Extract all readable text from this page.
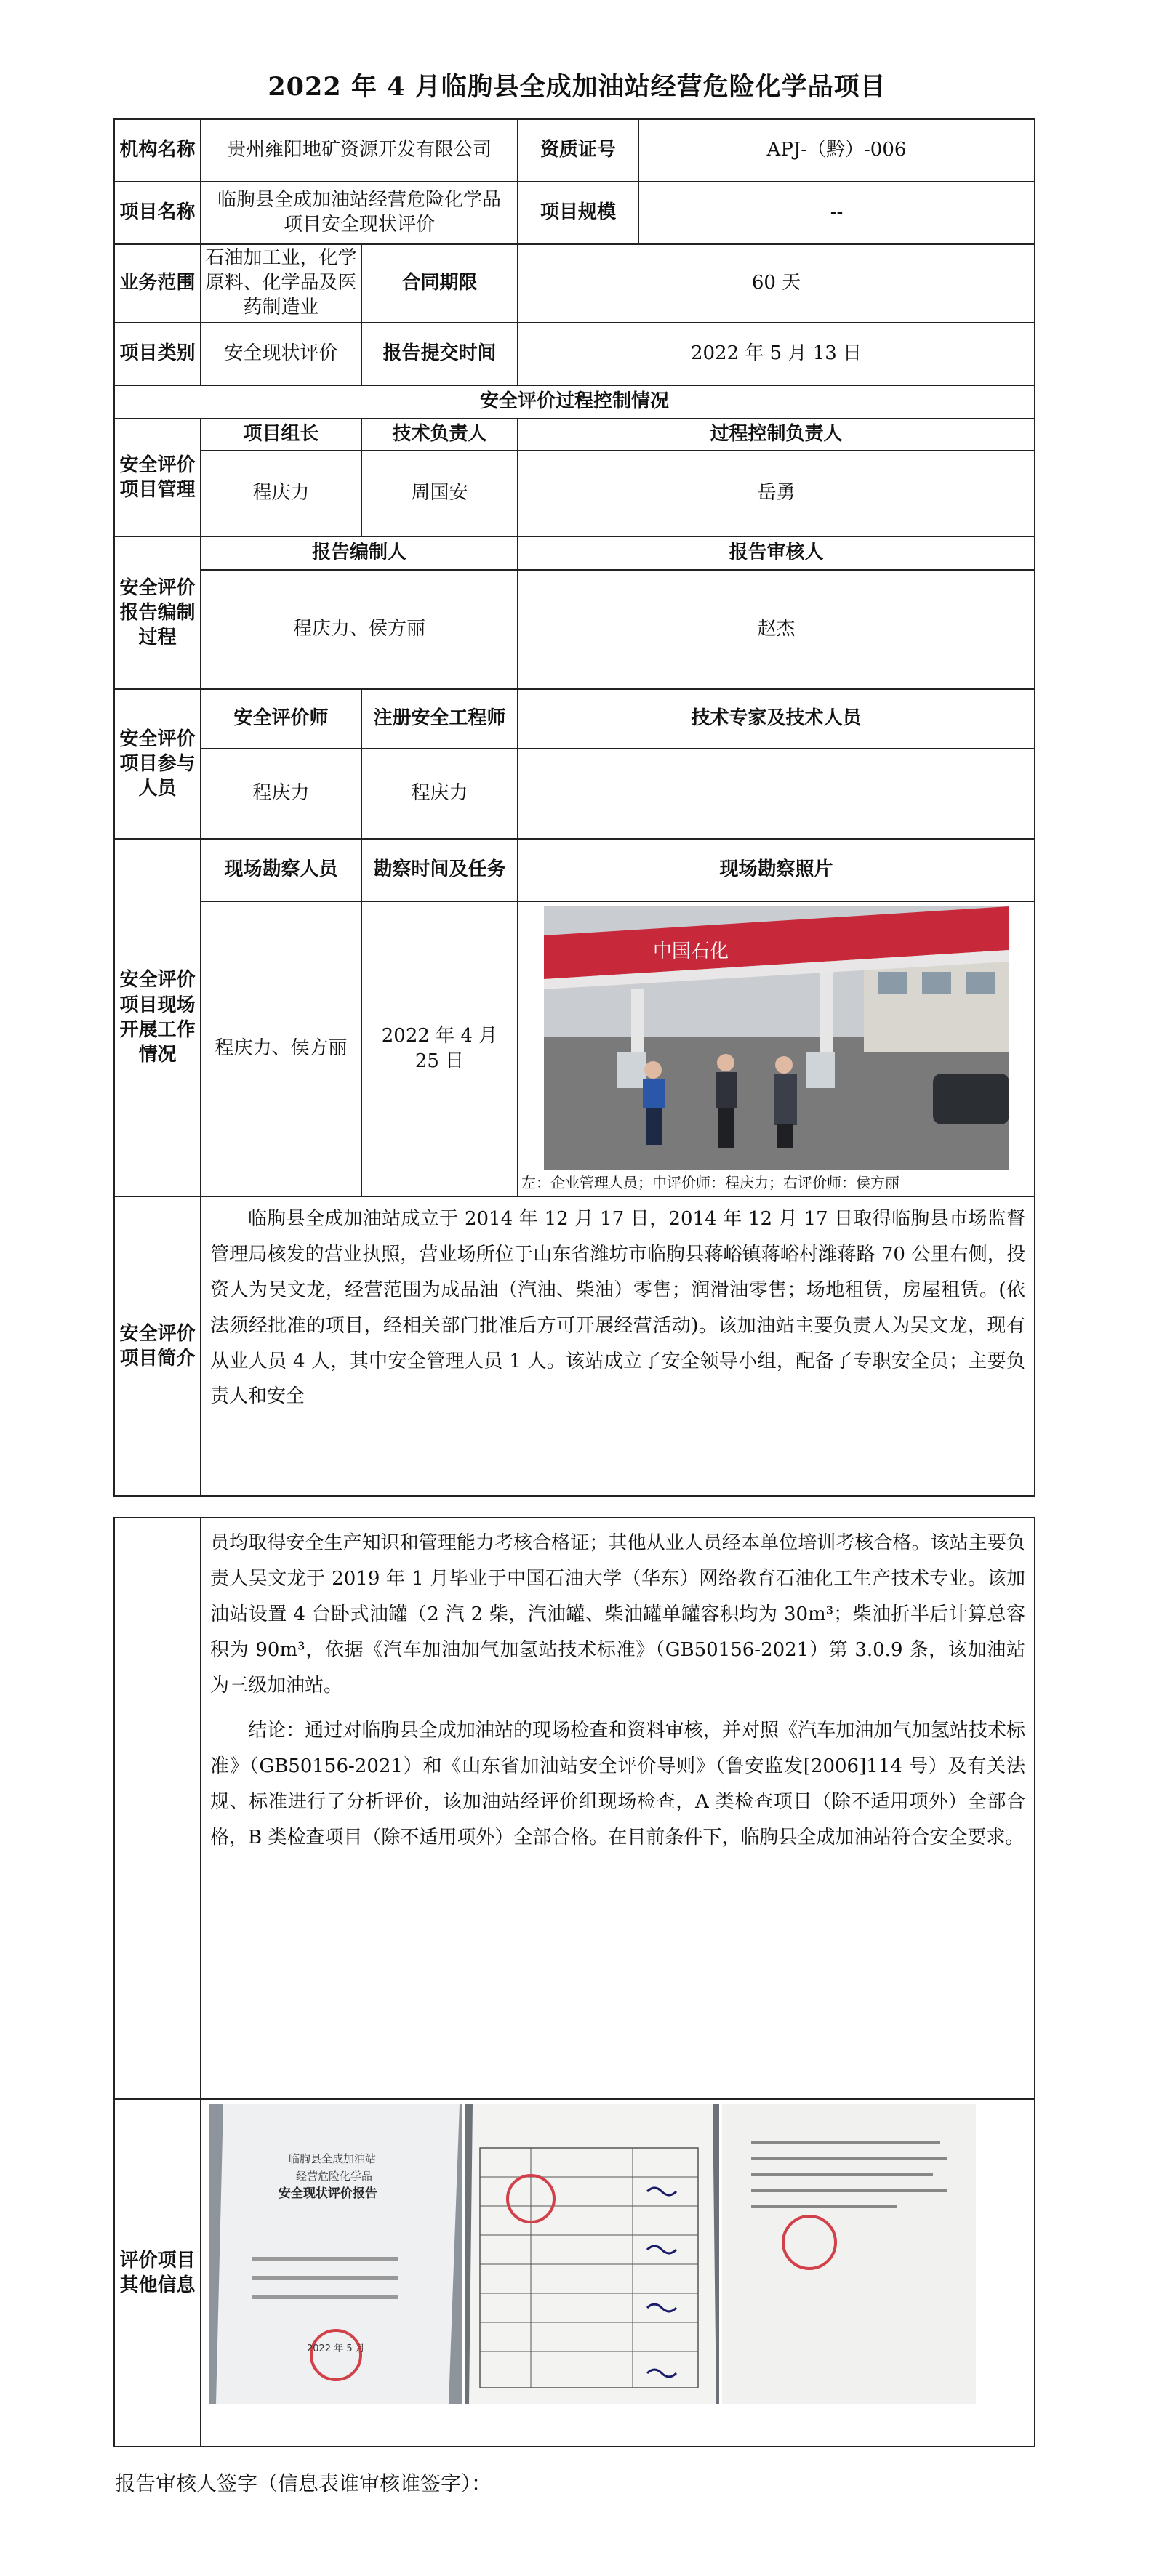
2022 年 4 月临朐县全成加油站经营危险化学品项目
机构名称	贵州雍阳地矿资源开发有限公司		资质证号	APJ-（黔）-006
项目名称	临朐县全成加油站经营危险化学品项目安全现状评价		项目规模	--
业务范围	石油加工业，化学原料、化学品及医药制造业	合同期限	60 天	
项目类别	安全现状评价	报告提交时间	2022 年 5 月 13 日	
安全评价过程控制情况				
安全评价项目管理	项目组长	技术负责人	过程控制负责人	
	程庆力	周国安	岳勇	
安全评价报告编制过程	报告编制人		报告审核人	
	程庆力、侯方丽		赵杰	
安全评价项目参与人员	安全评价师	注册安全工程师	技术专家及技术人员	
	程庆力	程庆力		
安全评价项目现场开展工作情况	现场勘察人员	勘察时间及任务	现场勘察照片	
	程庆力、侯方丽	2022 年 4 月 25 日	中国石化
左：企业管理人员；中评价师：程庆力；右评价师：侯方丽	

安全评价项目简介	临朐县全成加油站成立于 2014 年 12 月 17 日，2014 年 12 月 17 日取得临朐县市场监督管理局核发的营业执照，营业场所位于山东省潍坊市临朐县蒋峪镇蒋峪村潍蒋路 70 公里右侧，投资人为吴文龙，经营范围为成品油（汽油、柴油）零售；润滑油零售；场地租赁，房屋租赁。(依法须经批准的项目，经相关部门批准后方可开展经营活动)。该加油站主要负责人为吴文龙，现有从业人员 4 人，其中安全管理人员 1 人。该站成立了安全领导小组，配备了专职安全员；主要负责人和安全			

	员均取得安全生产知识和管理能力考核合格证；其他从业人员经本单位培训考核合格。该站主要负责人吴文龙于 2019 年 1 月毕业于中国石油大学（华东）网络教育石油化工生产技术专业。该加油站设置 4 台卧式油罐（2 汽 2 柴，汽油罐、柴油罐单罐容积均为 30m³；柴油折半后计算总容积为 90m³，依据《汽车加油加气加氢站技术标准》（GB50156-2021）第 3.0.9 条，该加油站为三级加油站。
结论：通过对临朐县全成加油站的现场检查和资料审核，并对照《汽车加油加气加氢站技术标准》（GB50156-2021）和《山东省加油站安全评价导则》（鲁安监发[2006]114 号）及有关法规、标准进行了分析评价，该加油站经评价组现场检查，A 类检查项目（除不适用项外）全部合格，B 类检查项目（除不适用项外）全部合格。在目前条件下，临朐县全成加油站符合安全要求。

评价项目其他信息	临朐县全成加油站
经营危险化学品
安全现状评价报告
2022 年 5 月
报告审核人签字（信息表谁审核谁签字）：
